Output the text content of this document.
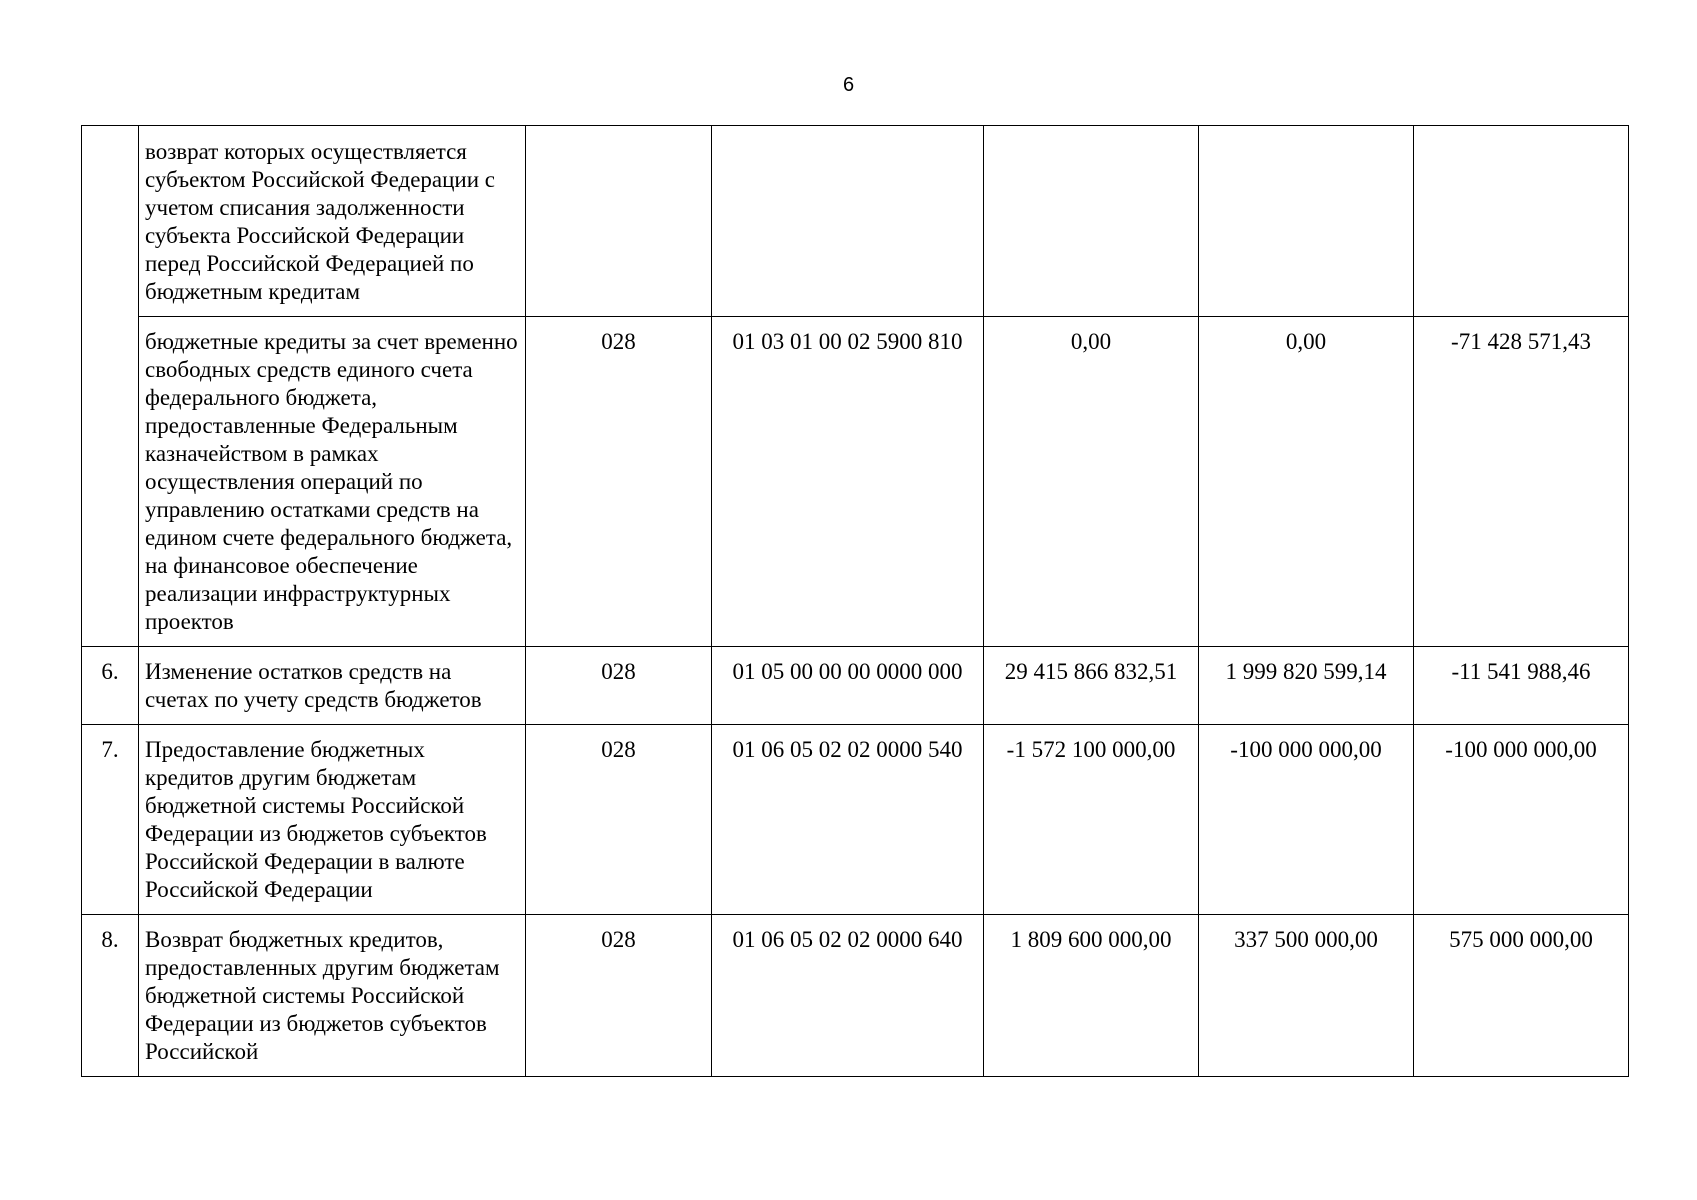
6
	возврат которых осуществляется субъектом Российской Федерации с учетом списания задолженности субъекта Российской Федерации перед Российской Федерацией по бюджетным кредитам					
	бюджетные кредиты за счет временно свободных средств единого счета федерального бюджета, предоставленные Федеральным казначейством в рамках осуществления операций по управлению остатками средств на едином счете федерального бюджета, на финансовое обеспечение реализации инфраструктурных проектов	028	01 03 01 00 02 5900 810	0,00	0,00	-71 428 571,43
6.	Изменение остатков средств на счетах по учету средств бюджетов	028	01 05 00 00 00 0000 000	29 415 866 832,51	1 999 820 599,14	-11 541 988,46
7.	Предоставление бюджетных кредитов другим бюджетам бюджетной системы Российской Федерации из бюджетов субъектов Российской Федерации в валюте Российской Федерации	028	01 06 05 02 02 0000 540	-1 572 100 000,00	-100 000 000,00	-100 000 000,00
8.	Возврат бюджетных кредитов, предоставленных другим бюджетам бюджетной системы Российской Федерации из бюджетов субъектов Российской	028	01 06 05 02 02 0000 640	1 809 600 000,00	337 500 000,00	575 000 000,00
